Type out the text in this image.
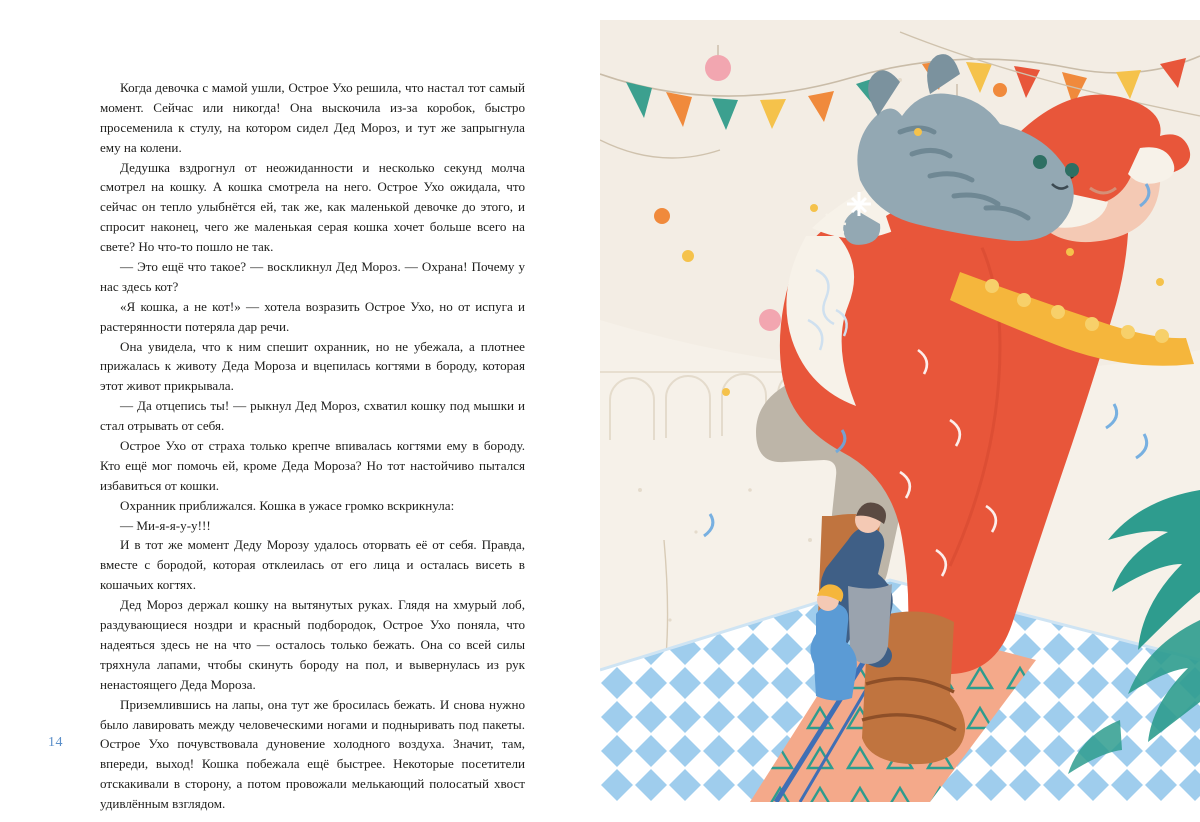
Когда девочка с мамой ушли, Острое Ухо решила, что настал тот самый момент. Сейчас или никогда! Она выскочила из-за коробок, быстро просеменила к стулу, на котором сидел Дед Мороз, и тут же запрыгнула ему на колени.

Дедушка вздрогнул от неожиданности и несколько секунд молча смотрел на кошку. А кошка смотрела на него. Острое Ухо ожидала, что сейчас он тепло улыбнётся ей, так же, как маленькой девочке до этого, и спросит наконец, чего же маленькая серая кошка хочет больше всего на свете? Но что-то пошло не так.

— Это ещё что такое? — воскликнул Дед Мороз. — Охрана! Почему у нас здесь кот?

«Я кошка, а не кот!» — хотела возразить Острое Ухо, но от испуга и растерянности потеряла дар речи.

Она увидела, что к ним спешит охранник, но не убежала, а плотнее прижалась к животу Деда Мороза и вцепилась когтями в бороду, которая этот живот прикрывала.

— Да отцепись ты! — рыкнул Дед Мороз, схватил кошку под мышки и стал отрывать от себя.

Острое Ухо от страха только крепче впивалась когтями ему в бороду. Кто ещё мог помочь ей, кроме Деда Мороза? Но тот настойчиво пытался избавиться от кошки.

Охранник приближался. Кошка в ужасе громко вскрикнула:

— Ми-я-я-у-у!!!

И в тот же момент Деду Морозу удалось оторвать её от себя. Правда, вместе с бородой, которая отклеилась от его лица и осталась висеть в кошачьих когтях.

Дед Мороз держал кошку на вытянутых руках. Глядя на хмурый лоб, раздувающиеся ноздри и красный подбородок, Острое Ухо поняла, что надеяться здесь не на что — осталось только бежать. Она со всей силы тряхнула лапами, чтобы скинуть бороду на пол, и вывернулась из рук ненастоящего Деда Мороза.

Приземлившись на лапы, она тут же бросилась бежать. И снова нужно было лавировать между человеческими ногами и подныривать под пакеты. Острое Ухо почувствовала дуновение холодного воздуха. Значит, там, впереди, выход! Кошка побежала ещё быстрее. Некоторые посетители отскакивали в сторону, а потом провожали мелькающий полосатый хвост удивлённым взглядом.

14
